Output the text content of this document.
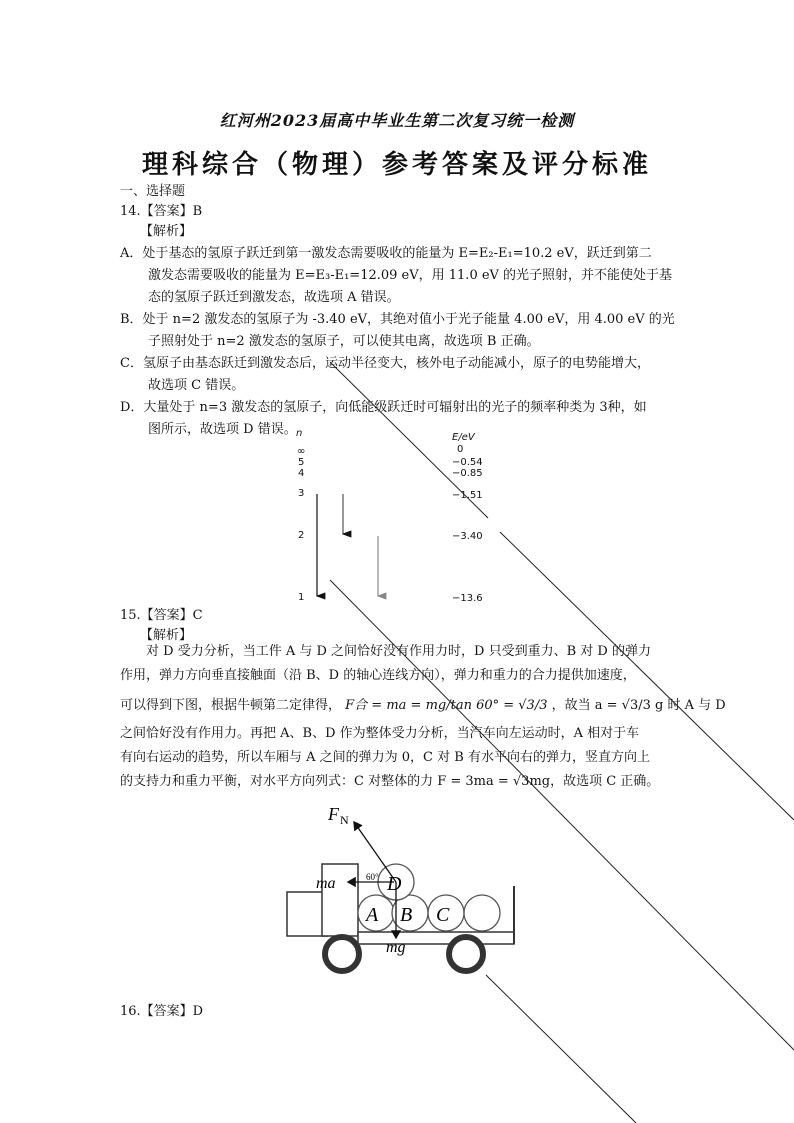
红河州2023届高中毕业生第二次复习统一检测
理科综合（物理）参考答案及评分标准
一、选择题
14.【答案】B
【解析】
A．处于基态的氢原子跃迁到第一激发态需要吸收的能量为 E=E₂-E₁=10.2 eV，跃迁到第二
激发态需要吸收的能量为 E=E₃-E₁=12.09 eV，用 11.0 eV 的光子照射，并不能使处于基
态的氢原子跃迁到激发态，故选项 A 错误。
B．处于 n=2 激发态的氢原子为 -3.40 eV，其绝对值小于光子能量 4.00 eV，用 4.00 eV 的光
子照射处于 n=2 激发态的氢原子，可以使其电离，故选项 B 正确。
C．氢原子由基态跃迁到激发态后，运动半径变大，核外电子动能减小，原子的电势能增大，
故选项 C 错误。
D．大量处于 n=3 激发态的氢原子，向低能级跃迁时可辐射出的光子的频率种类为 3种，如
图所示，故选项 D 错误。 n	E/eV
∞	0
5	−0.54
4	−0.85
3	−1.51
2	−3.40
1	−13.6
15.【答案】C
【解析】
对 D 受力分析，当工件 A 与 D 之间恰好没有作用力时，D 只受到重力、B 对 D 的弹力
作用，弹力方向垂直接触面（沿 B、D 的轴心连线方向），弹力和重力的合力提供加速度，
可以得到下图，根据牛顿第二定律得， F合 = ma = mg/tan 60° = √3/3 ，故当 a = √3/3 g 时 A 与 D
之间恰好没有作用力。再把 A、B、D 作为整体受力分析，当汽车向左运动时，A 相对于车
有向右运动的趋势，所以车厢与 A 之间的弹力为 0，C 对 B 有水平向右的弹力，竖直方向上
的支持力和重力平衡，对水平方向列式：C 对整体的力 F = 3ma = √3mg，故选项 C 正确。
F N
ma	60° D
A B C
mg
16.【答案】D
